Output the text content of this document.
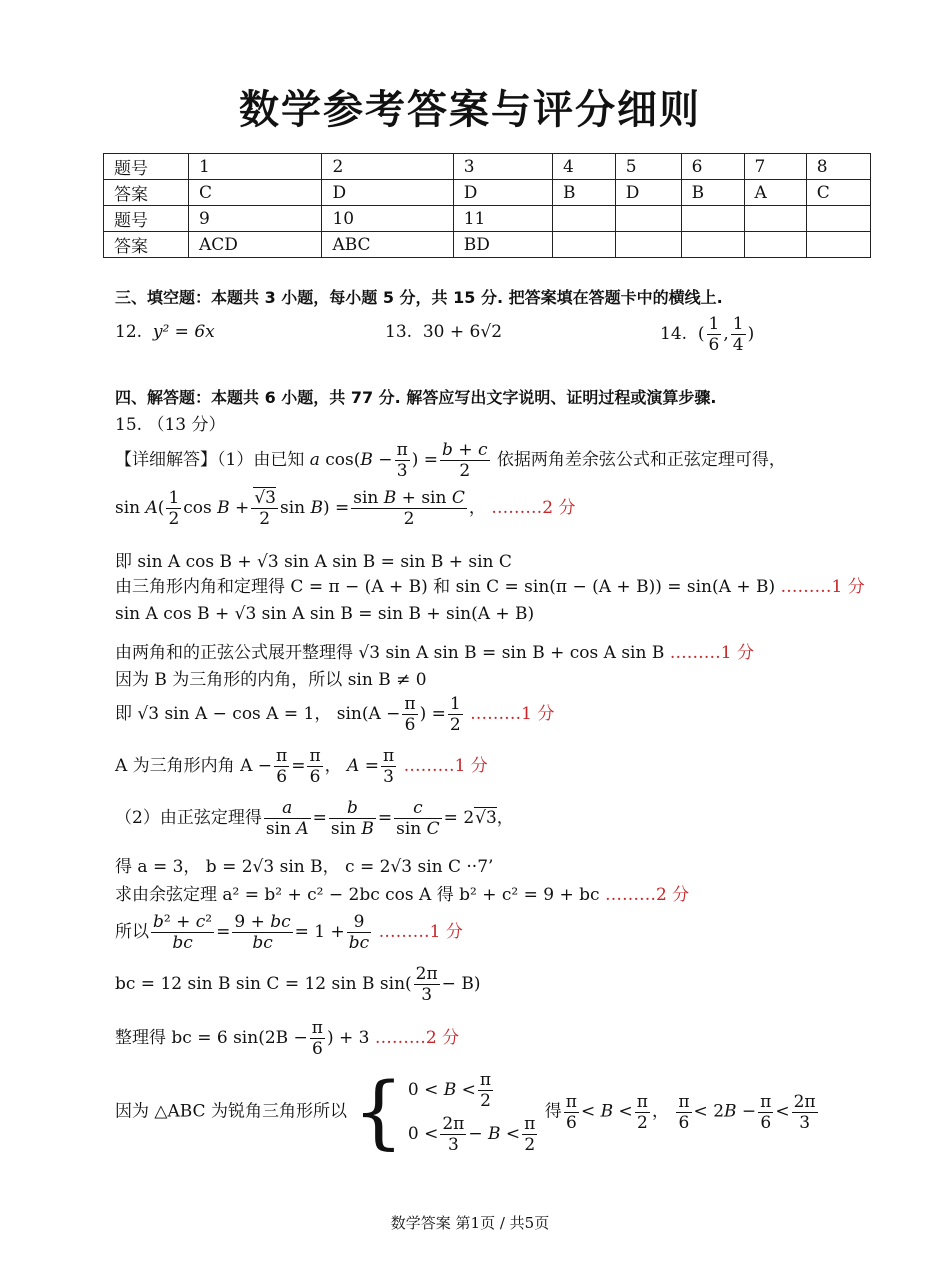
数学参考答案与评分细则
题号	1	2	3	4	5	6	7	8
答案	C	D	D	B	D	B	A	C
题号	9	10	11					
答案	ACD	ABC	BD					
三、填空题：本题共 3 小题，每小题 5 分，共 15 分. 把答案填在答题卡中的横线上.
12. y² = 6x	13. 30 + 6√2	14.  ( $\frac{1}{6}$ , $\frac{1}{4}$ )
四、解答题：本题共 6 小题，共 77 分. 解答应写出文字说明、证明过程或演算步骤.
15. （13 分）
【详细解答】（1）由已知 a $\cos(B - \frac{\pi}{3}$ ) = $\frac{b + c}{2}$ 依据两角差余弦公式和正弦定理可得，
$\sin A( \frac{1}{2}$ $\cos B + \frac{√3}{2}$ $\sin B) = \frac{\text{sin B + sin C}}{2}$ ， ………2 分
即 sin A cos B + √3 sin A sin B = sin B + sin C
由三角形内角和定理得 C = π − (A + B) 和 sin C = sin(π − (A + B)) = sin(A + B) ………1 分
sin A cos B + √3 sin A sin B = sin B + sin(A + B)
由两角和的正弦公式展开整理得 √3 sin A sin B = sin B + cos A sin B ………1 分
因为 B 为三角形的内角，所以 sin B ≠ 0
即 √3 sin A − cos A = 1， $\sin(A - \frac{\pi}{6}$ ) = $\frac{1}{2}$ ………1 分
A 为三角形内角 $A - \frac{\pi}{6} = \frac{\pi}{6}$ ， $A = \frac{\pi}{3}$ ………1 分
（2）由正弦定理得 $\frac{a}{\text{sin A}} = \frac{b}{\text{sin B}} = \frac{c}{\text{sin C}} = 2√3$，
得 a = 3， b = 2√3 sin B， c = 2√3 sin C ··7’
求由余弦定理 a² = b² + c² − 2bc cos A 得 b² + c² = 9 + bc ………2 分
所以 $\frac{\text{b² + c²}}{bc} = \frac{9 + bc}{bc} = 1 + \frac{9}{bc}$ ………1 分
bc = 12 sin B sin C = 12 sin B $\sin( \frac{2\pi}{3} - B)$
整理得 bc = 6 $\sin(2B - \frac{\pi}{6}$ ) + 3 ………2 分
因为 △ABC 为锐角三角形所以{ $0 < B < \frac{\pi}{2}$
$0 < \frac{2\pi}{3} - B < \frac{\pi}{2}$
得 $\frac{\pi}{6} < B < \frac{\pi}{2}$ ， $\frac{\pi}{6} < 2B - \frac{\pi}{6} < \frac{2\pi}{3}$
数学答案 第1页 / 共5页
